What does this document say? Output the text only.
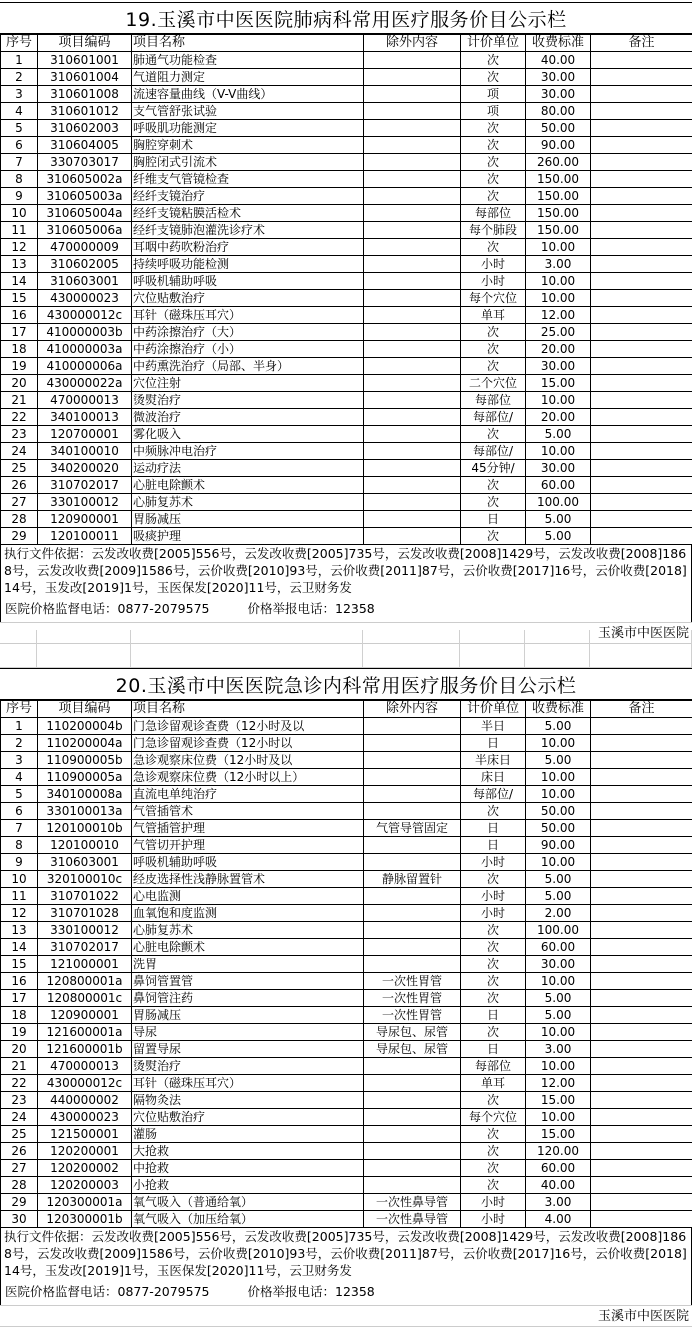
19.玉溪市中医医院肺病科常用医疗服务价目公示栏
序号	项目编码	项目名称	除外内容	计价单位	收费标准	备注
1	310601001	肺通气功能检查		次	40.00	
2	310601004	气道阻力测定		次	30.00	
3	310601008	流速容量曲线（V-V曲线）		项	30.00	
4	310601012	支气管舒张试验		项	80.00	
5	310602003	呼吸肌功能测定		次	50.00	
6	310604005	胸腔穿刺术		次	90.00	
7	330703017	胸腔闭式引流术		次	260.00	
8	310605002a	纤维支气管镜检查		次	150.00	
9	310605003a	经纤支镜治疗		次	150.00	
10	310605004a	经纤支镜粘膜活检术		每部位	150.00	
11	310605006a	经纤支镜肺泡灌洗诊疗术		每个肺段	150.00	
12	470000009	耳咽中药吹粉治疗		次	10.00	
13	310602005	持续呼吸功能检测		小时	3.00	
14	310603001	呼吸机辅助呼吸		小时	10.00	
15	430000023	穴位贴敷治疗		每个穴位	10.00	
16	430000012c	耳针（磁珠压耳穴）		单耳	12.00	
17	410000003b	中药涂擦治疗（大）		次	25.00	
18	410000003a	中药涂擦治疗（小）		次	20.00	
19	410000006a	中药熏洗治疗（局部、半身）		次	30.00	
20	430000022a	穴位注射		二个穴位	15.00	
21	470000013	烫熨治疗		每部位	10.00	
22	340100013	微波治疗		每部位/	20.00	
23	120700001	雾化吸入		次	5.00	
24	340100010	中频脉冲电治疗		每部位/	10.00	
25	340200020	运动疗法		45分钟/	30.00	
26	310702017	心脏电除颤术		次	60.00	
27	330100012	心肺复苏术		次	100.00	
28	120900001	胃肠减压		日	5.00	
29	120100011	吸痰护理		次	5.00	
执行文件依据：云发改收费[2005]556号，云发改收费[2005]735号，云发改收费[2008]1429号，云发改收费[2008]1868号，云发改收费[2009]1586号，云价收费[2010]93号，云价收费[2011]87号，云价收费[2017]16号，云价收费[2018]14号，玉发改[2019]1号，玉医保发[2020]11号，云卫财务发
医院价格监督电话：0877-2079575	价格举报电话：12358
玉溪市中医医院
20.玉溪市中医医院急诊内科常用医疗服务价目公示栏
序号	项目编码	项目名称	除外内容	计价单位	收费标准	备注
1	110200004b	门急诊留观诊查费（12小时及以		半日	5.00	
2	110200004a	门急诊留观诊查费（12小时以		日	10.00	
3	110900005b	急诊观察床位费（12小时及以		半床日	5.00	
4	110900005a	急诊观察床位费（12小时以上）		床日	10.00	
5	340100008a	直流电单纯治疗		每部位/	10.00	
6	330100013a	气管插管术		次	50.00	
7	120100010b	气管插管护理	气管导管固定	日	50.00	
8	120100010	气管切开护理		日	90.00	
9	310603001	呼吸机辅助呼吸		小时	10.00	
10	320100010c	经皮选择性浅静脉置管术	静脉留置针	次	5.00	
11	310701022	心电监测		小时	5.00	
12	310701028	血氧饱和度监测		小时	2.00	
13	330100012	心肺复苏术		次	100.00	
14	310702017	心脏电除颤术		次	60.00	
15	121000001	洗胃		次	30.00	
16	120800001a	鼻饲管置管	一次性胃管	次	10.00	
17	120800001c	鼻饲管注药	一次性胃管	次	5.00	
18	120900001	胃肠减压	一次性胃管	日	5.00	
19	121600001a	导尿	导尿包、尿管	次	10.00	
20	121600001b	留置导尿	导尿包、尿管	日	3.00	
21	470000013	烫熨治疗		每部位	10.00	
22	430000012c	耳针（磁珠压耳穴）		单耳	12.00	
23	440000002	隔物灸法		次	15.00	
24	430000023	穴位贴敷治疗		每个穴位	10.00	
25	121500001	灌肠		次	15.00	
26	120200001	大抢救		次	120.00	
27	120200002	中抢救		次	60.00	
28	120200003	小抢救		次	40.00	
29	120300001a	氧气吸入（普通给氧）	一次性鼻导管	小时	3.00	
30	120300001b	氧气吸入（加压给氧）	一次性鼻导管	小时	4.00	
执行文件依据：云发改收费[2005]556号，云发改收费[2005]735号，云发改收费[2008]1429号，云发改收费[2008]1868号，云发改收费[2009]1586号，云价收费[2010]93号，云价收费[2011]87号，云价收费[2017]16号，云价收费[2018]14号，玉发改[2019]1号，玉医保发[2020]11号，云卫财务发
医院价格监督电话：0877-2079575	价格举报电话：12358
玉溪市中医医院
